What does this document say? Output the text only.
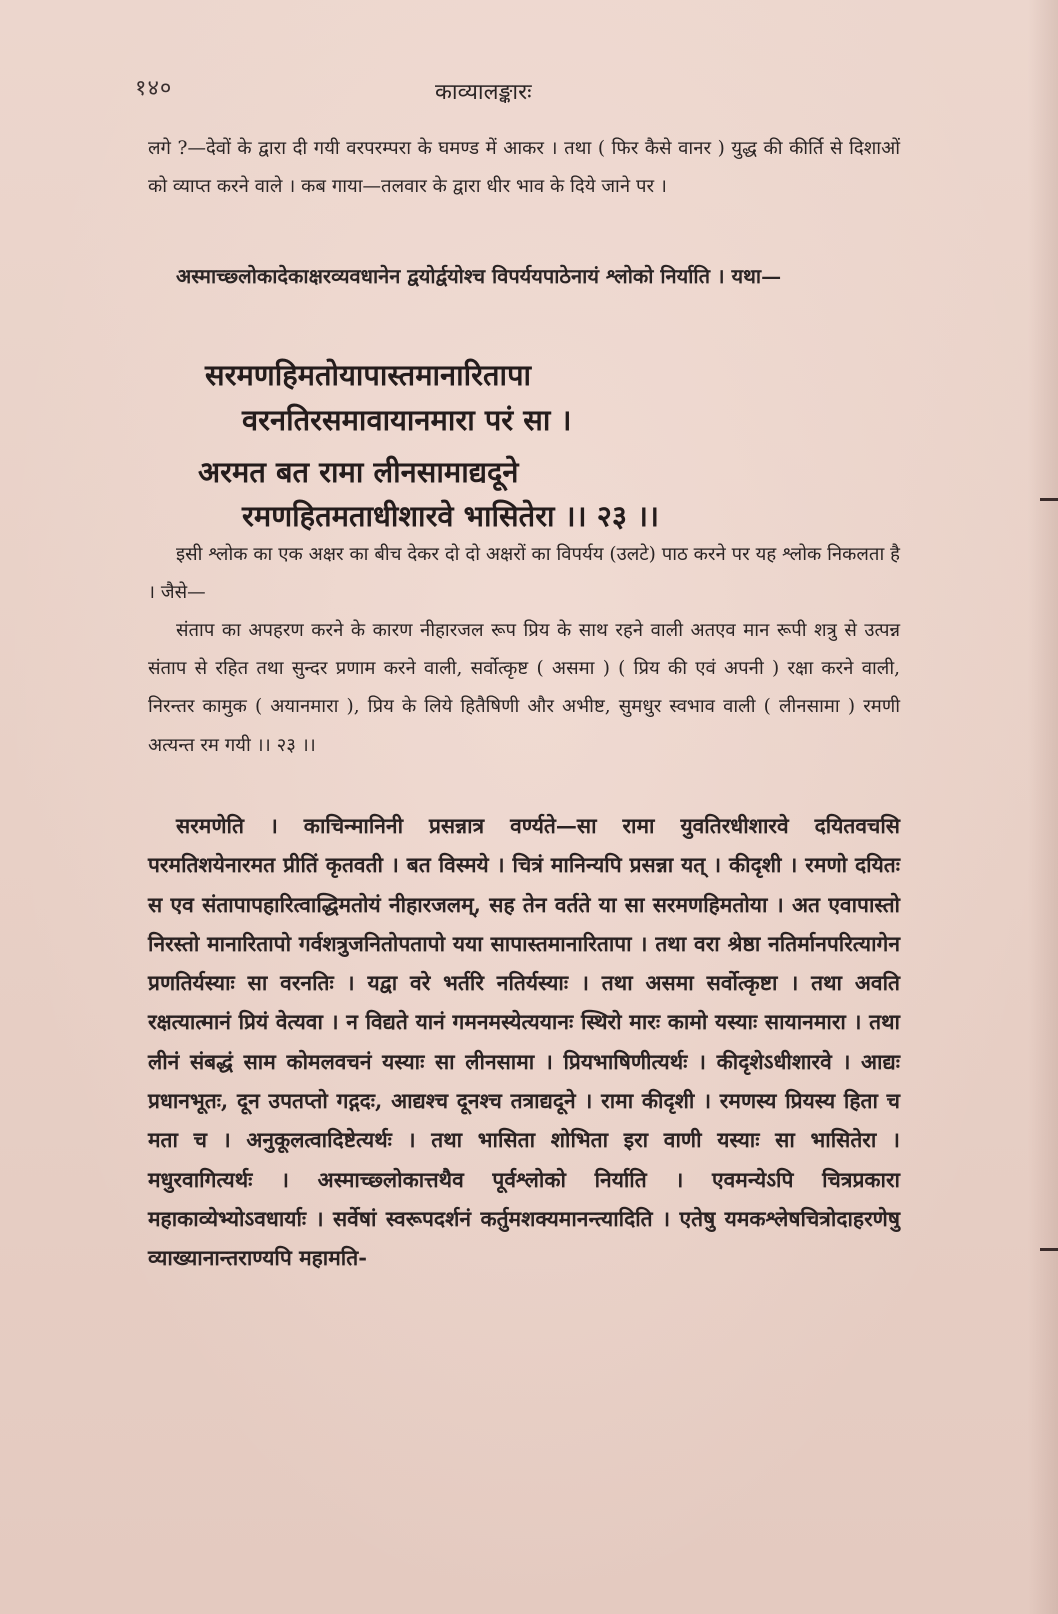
१४०	काव्यालङ्कारः
लगे ?—देवों के द्वारा दी गयी वरपरम्परा के घमण्ड में आकर । तथा ( फिर कैसे वानर ) युद्ध की कीर्ति से दिशाओं को व्याप्त करने वाले । कब गाया—तलवार के द्वारा धीर भाव के दिये जाने पर ।
अस्माच्छ्लोकादेकाक्षरव्यवधानेन द्वयोर्द्वयोश्च विपर्ययपाठेनायं श्लोको निर्याति । यथा—
सरमणहिमतोयापास्तमानारितापा
वरनतिरसमावायानमारा परं सा ।
अरमत बत रामा लीनसामाद्यदूने
रमणहितमताधीशारवे भासितेरा ।। २३ ।।
इसी श्लोक का एक अक्षर का बीच देकर दो दो अक्षरों का विपर्यय (उलटे) पाठ करने पर यह श्लोक निकलता है । जैसे—
संताप का अपहरण करने के कारण नीहारजल रूप प्रिय के साथ रहने वाली अतएव मान रूपी शत्रु से उत्पन्न संताप से रहित तथा सुन्दर प्रणाम करने वाली, सर्वोत्कृष्ट ( असमा ) ( प्रिय की एवं अपनी ) रक्षा करने वाली, निरन्तर कामुक ( अयानमारा ), प्रिय के लिये हितैषिणी और अभीष्ट, सुमधुर स्वभाव वाली ( लीनसामा ) रमणी अत्यन्त रम गयी ।। २३ ।।
सरमणेति । काचिन्मानिनी प्रसन्नात्र वर्ण्यते—सा रामा युवतिरधीशारवे दयितवचसि परमतिशयेनारमत प्रीतिं कृतवती । बत विस्मये । चित्रं मानिन्यपि प्रसन्ना यत् । कीदृशी । रमणो दयितः स एव संतापापहारित्वाद्धिमतोयं नीहारजलम्, सह तेन वर्तते या सा सरमणहिमतोया । अत एवापास्तो निरस्तो मानारितापो गर्वशत्रुजनितोपतापो यया सापास्तमानारितापा । तथा वरा श्रेष्ठा नतिर्मानपरित्यागेन प्रणतिर्यस्याः सा वरनतिः । यद्वा वरे भर्तरि नतिर्यस्याः । तथा असमा सर्वोत्कृष्टा । तथा अवति रक्षत्यात्मानं प्रियं वेत्यवा । न विद्यते यानं गमनमस्येत्ययानः स्थिरो मारः कामो यस्याः सायानमारा । तथा लीनं संबद्धं साम कोमलवचनं यस्याः सा लीनसामा । प्रियभाषिणीत्यर्थः । कीदृशेऽधीशारवे । आद्यः प्रधानभूतः, दून उपतप्तो गद्गदः, आद्यश्च दूनश्च तत्राद्यदूने । रामा कीदृशी । रमणस्य प्रियस्य हिता च मता च । अनुकूलत्वादिष्टेत्यर्थः । तथा भासिता शोभिता इरा वाणी यस्याः सा भासितेरा । मधुरवागित्यर्थः । अस्माच्छ्लोकात्तथैव पूर्वश्लोको निर्याति । एवमन्येऽपि चित्रप्रकारा महाकाव्येभ्योऽवधार्याः । सर्वेषां स्वरूपदर्शनं कर्तुमशक्यमानन्त्यादिति । एतेषु यमकश्लेषचित्रोदाहरणेषु व्याख्यानान्तराण्यपि महामति-
